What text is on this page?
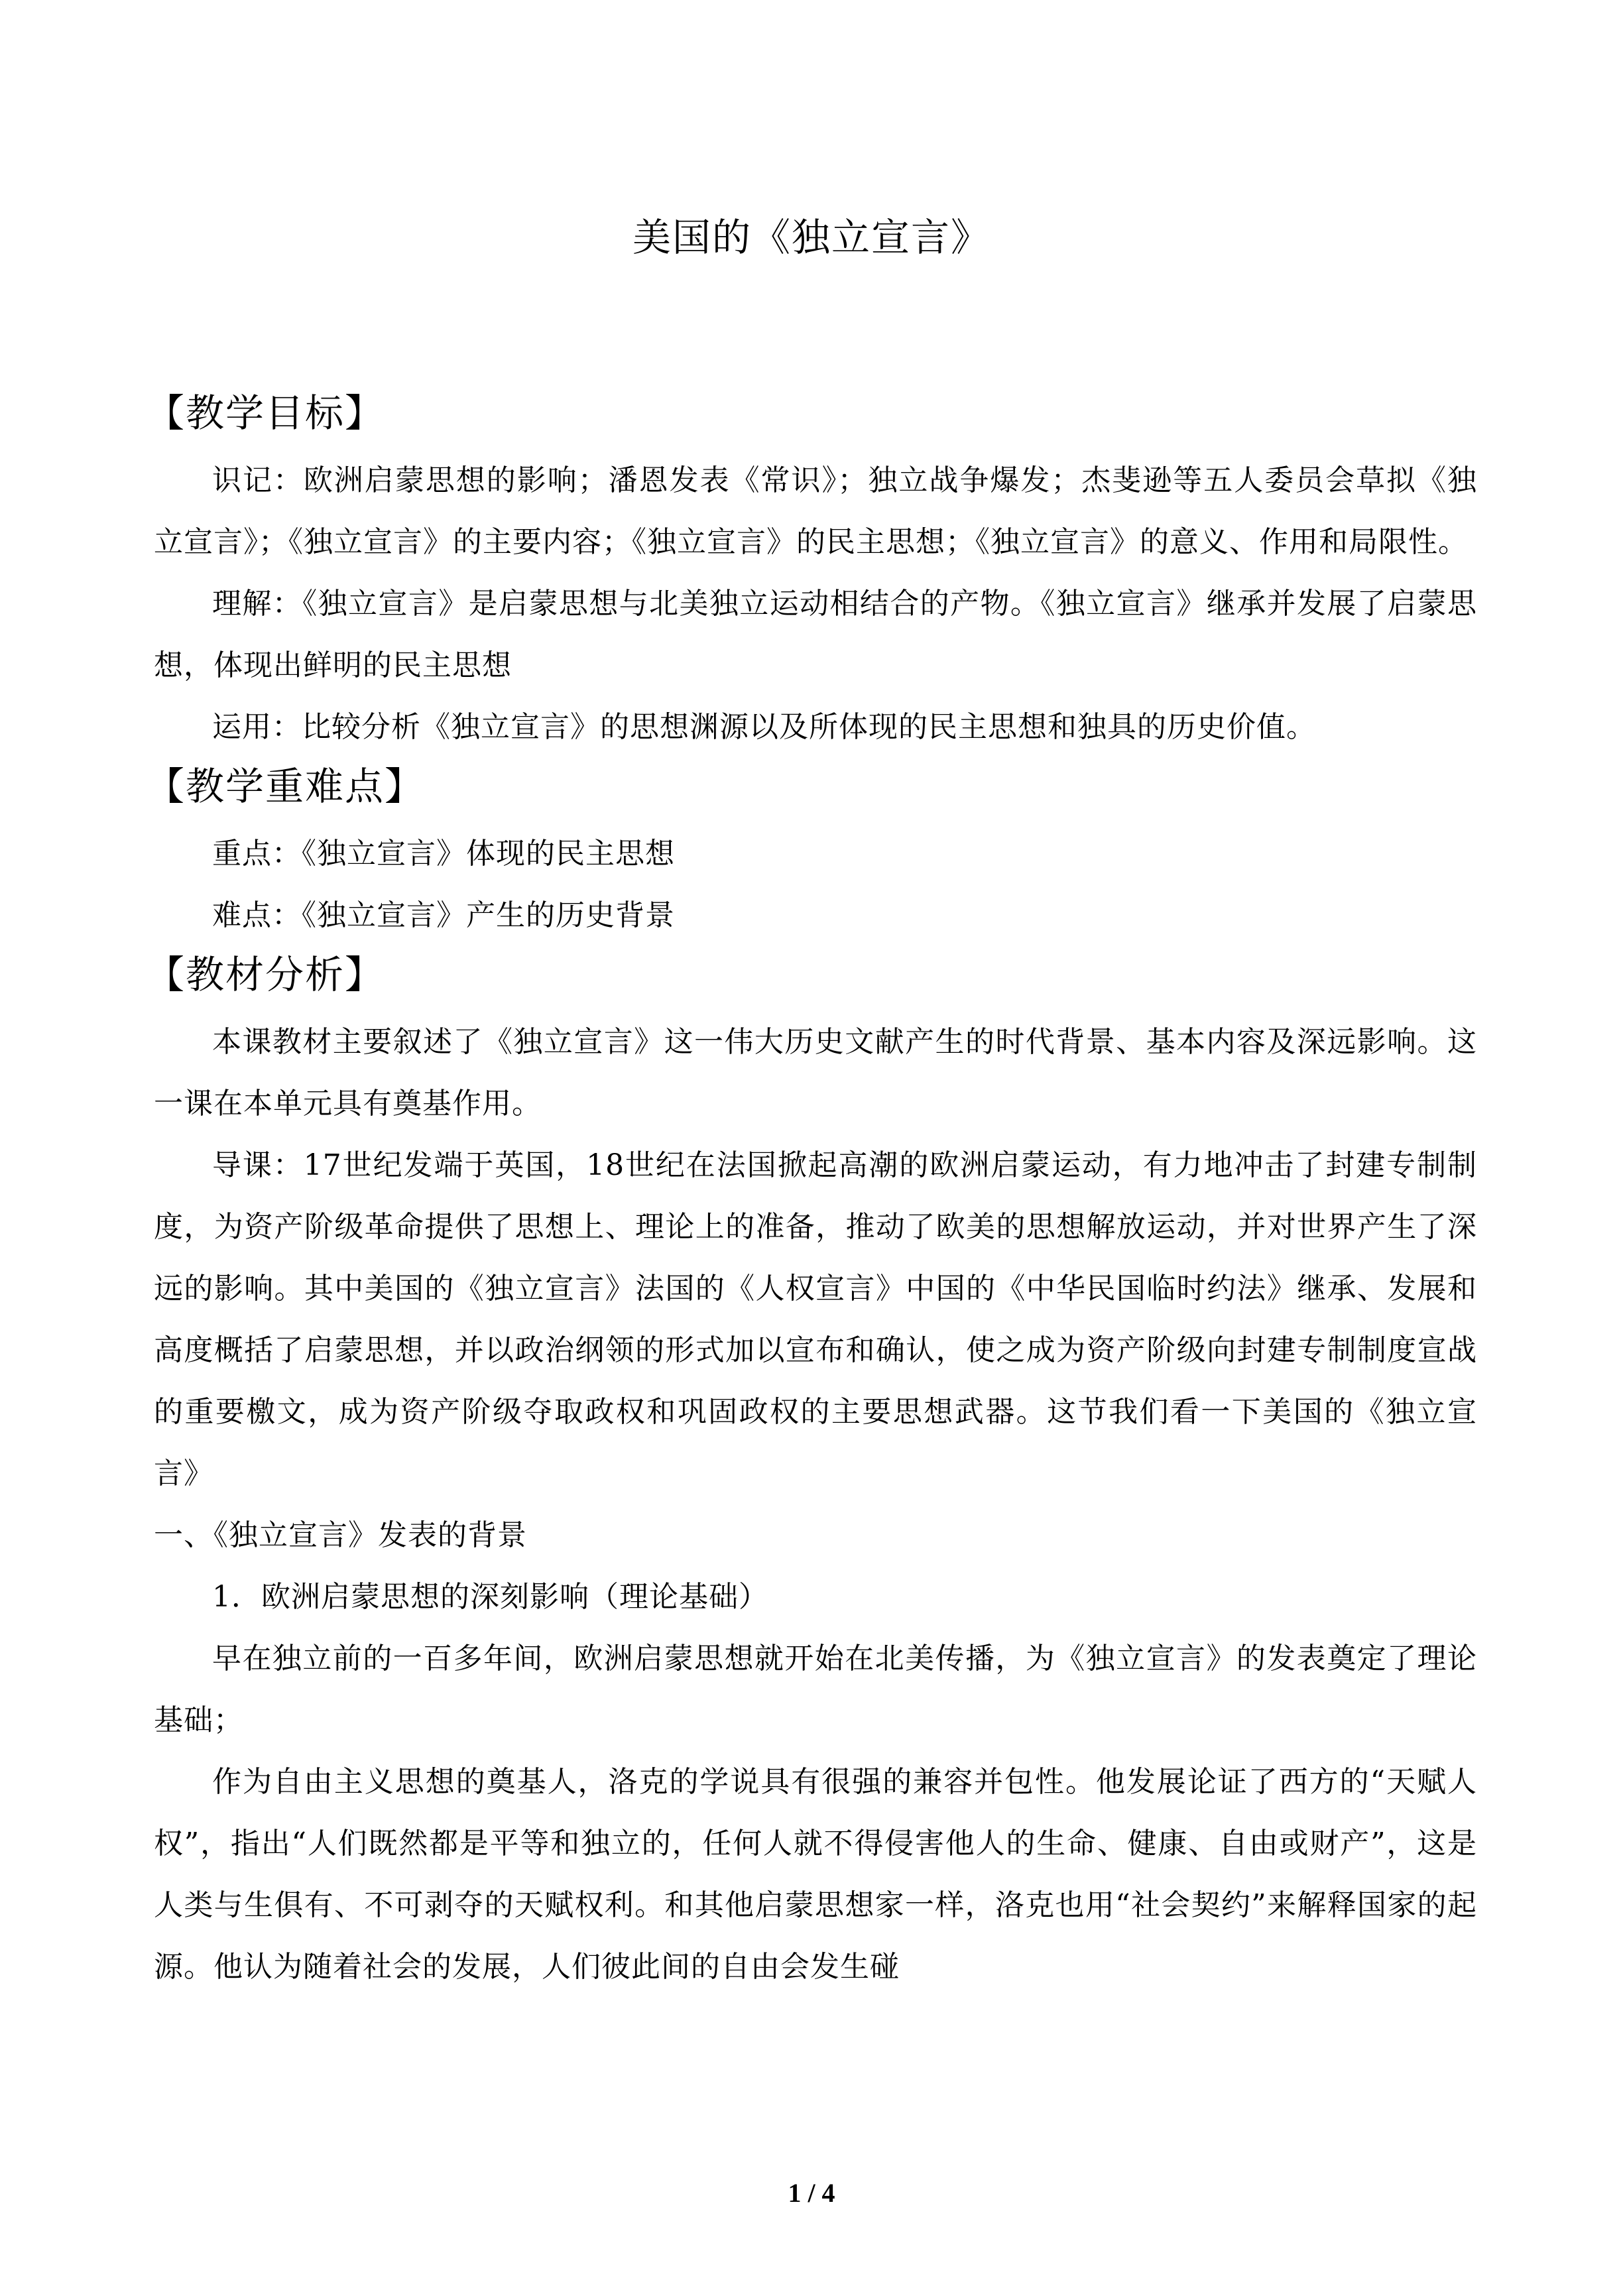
美国的《独立宣言》
【教学目标】

识记：欧洲启蒙思想的影响；潘恩发表《常识》；独立战争爆发；杰斐逊等五人委员会草拟《独立宣言》；《独立宣言》的主要内容；《独立宣言》的民主思想；《独立宣言》的意义、作用和局限性。

理解：《独立宣言》是启蒙思想与北美独立运动相结合的产物。《独立宣言》继承并发展了启蒙思想，体现出鲜明的民主思想

运用：比较分析《独立宣言》的思想渊源以及所体现的民主思想和独具的历史价值。

【教学重难点】

重点：《独立宣言》体现的民主思想

难点：《独立宣言》产生的历史背景

【教材分析】

本课教材主要叙述了《独立宣言》这一伟大历史文献产生的时代背景、基本内容及深远影响。这一课在本单元具有奠基作用。

导课：17世纪发端于英国，18世纪在法国掀起高潮的欧洲启蒙运动，有力地冲击了封建专制制度，为资产阶级革命提供了思想上、理论上的准备，推动了欧美的思想解放运动，并对世界产生了深远的影响。其中美国的《独立宣言》法国的《人权宣言》中国的《中华民国临时约法》继承、发展和高度概括了启蒙思想，并以政治纲领的形式加以宣布和确认，使之成为资产阶级向封建专制制度宣战的重要檄文，成为资产阶级夺取政权和巩固政权的主要思想武器。这节我们看一下美国的《独立宣言》

一、《独立宣言》发表的背景

1．欧洲启蒙思想的深刻影响（理论基础）

早在独立前的一百多年间，欧洲启蒙思想就开始在北美传播，为《独立宣言》的发表奠定了理论基础；

作为自由主义思想的奠基人，洛克的学说具有很强的兼容并包性。他发展论证了西方的“天赋人权”，指出“人们既然都是平等和独立的，任何人就不得侵害他人的生命、健康、自由或财产”，这是人类与生俱有、不可剥夺的天赋权利。和其他启蒙思想家一样，洛克也用“社会契约”来解释国家的起源。他认为随着社会的发展，人们彼此间的自由会发生碰

1 / 4
